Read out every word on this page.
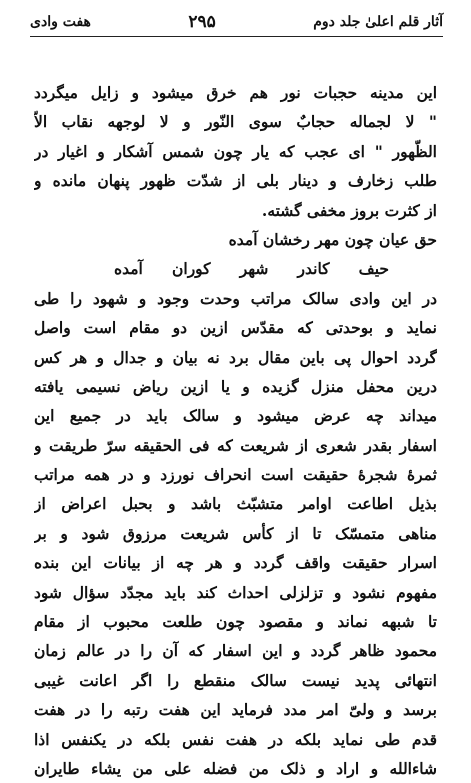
آثار قلم اعلیٰ جلد دوم
۲۹۵
هفت وادی
این مدینه حجبات نور هم خرق میشود و زایل میگردد
" لا لجماله حجابٌ سوی النّور و لا لوجهه نقاب الاّ
الظّهور " ای عجب که یار چون شمس آشکار و اغیار در
طلب زخارف و دینار بلی از شدّت ظهور پنهان مانده و
از کثرت بروز مخفی گشته.
حق عیان چون مهر رخشان آمده
حیف کاندر شهر کوران آمده
در این وادی سالک مراتب وحدت وجود و شهود را طی
نماید و بوحدتی که مقدّس ازین دو مقام است واصل
گردد احوال پی باین مقال برد نه بیان و جدال و هر کس
درین محفل منزل گزیده و یا ازین ریاض نسیمی یافته
میداند چه عرض میشود و سالک باید در جمیع این
اسفار بقدر شعری از شریعت که فی الحقیقه سرّ طریقت و
ثمرهٔ شجرهٔ حقیقت است انحراف نورزد و در همه مراتب
بذیل اطاعت اوامر متشبّث باشد و بحبل اعراض از
مناهی متمسّک تا از کأس شریعت مرزوق شود و بر
اسرار حقیقت واقف گردد و هر چه از بیانات این بنده
مفهوم نشود و تزلزلی احداث کند باید مجدّد سؤال شود
تا شبهه نماند و مقصود چون طلعت محبوب از مقام
محمود ظاهر گردد و این اسفار که آن را در عالم زمان
انتهائی پدید نیست سالک منقطع را اگر اعانت غیبی
برسد و ولیّ امر مدد فرماید این هفت رتبه را در هفت
قدم طی نماید بلکه در هفت نفس بلکه در یکنفس اذا
شاءالله و اراد و ذلک من فضله علی من یشاء طایران
